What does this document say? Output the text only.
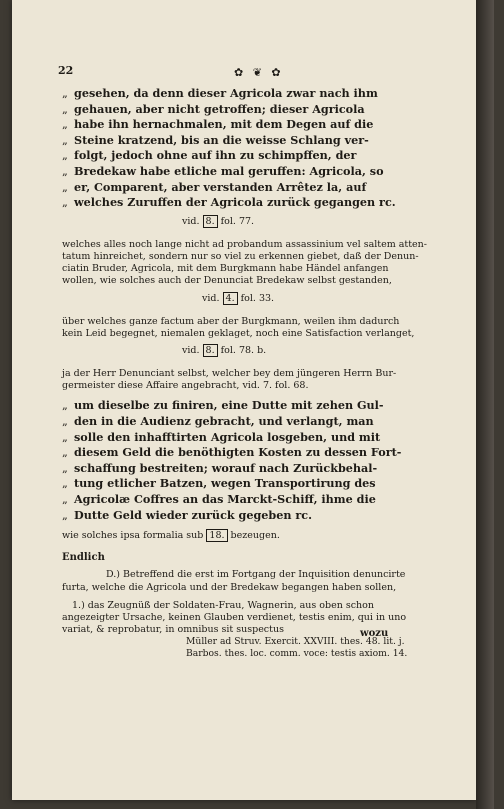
22	✿ ❦ ✿

„ gesehen, da denn dieser Agricola zwar nach ihm

„ gehauen, aber nicht getroffen; dieser Agricola

„ habe ihn hernachmalen, mit dem Degen auf die

„ Steine kratzend, bis an die weisse Schlang ver-

„ folgt, jedoch ohne auf ihn zu schimpffen, der

„ Bredekaw habe etliche mal geruffen: Agricola, so

„ er, Comparent, aber verstanden Arrêtez la, auf

„ welches Zuruffen der Agricola zurück gegangen rc.

vid. 8. fol. 77.

welches alles noch lange nicht ad probandum assassinium vel saltem atten-

tatum hinreichet, sondern nur so viel zu erkennen giebet, daß der Denun-

ciatin Bruder, Agricola, mit dem Burgkmann habe Händel anfangen

wollen, wie solches auch der Denunciat Bredekaw selbst gestanden,

vid. 4. fol. 33.

über welches ganze factum aber der Burgkmann, weilen ihm dadurch

kein Leid begegnet, niemalen geklaget, noch eine Satisfaction verlanget,

vid. 8. fol. 78. b.

ja der Herr Denunciant selbst, welcher bey dem jüngeren Herrn Bur-

germeister diese Affaire angebracht, vid. 7. fol. 68.

„ um dieselbe zu finiren, eine Dutte mit zehen Gul-

„ den in die Audienz gebracht, und verlangt, man

„ solle den inhafftirten Agricola losgeben, und mit

„ diesem Geld die benöthigten Kosten zu dessen Fort-

„ schaffung bestreiten; worauf nach Zurückbehal-

„ tung etlicher Batzen, wegen Transportirung des

„ Agricolæ Coffres an das Marckt-Schiff, ihme die

„ Dutte Geld wieder zurück gegeben rc.

wie solches ipsa formalia sub 18. bezeugen.

Endlich

D.) Betreffend die erst im Fortgang der Inquisition denuncirte

furta, welche die Agricola und der Bredekaw begangen haben sollen,

1.) das Zeugnüß der Soldaten-Frau, Wagnerin, aus oben schon

angezeigter Ursache, keinen Glauben verdienet, testis enim, qui in uno

variat, & reprobatur, in omnibus sit suspectus

Müller ad Struv. Exercit. XXVIII. thes. 48. lit. j.

Barbos. thes. loc. comm. voce: testis axiom. 14.

wozu
